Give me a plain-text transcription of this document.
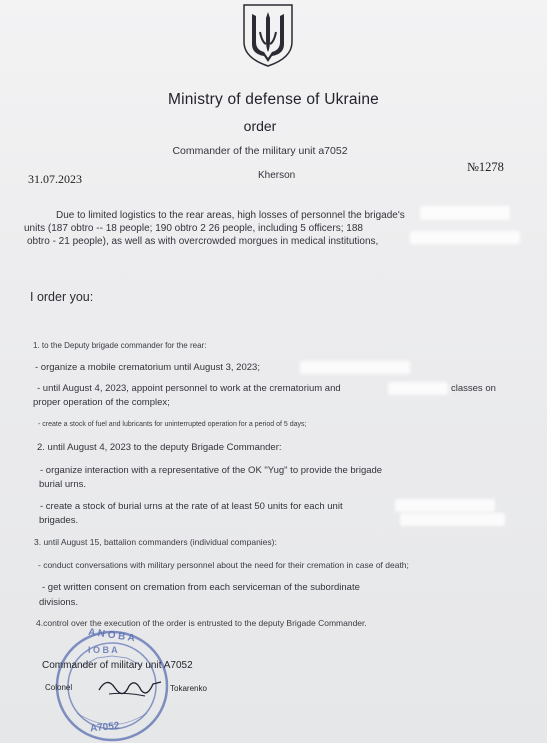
Ministry of defense of Ukraine
order
Commander of the military unit a7052
31.07.2023	Kherson
№1278
Due to limited logistics to the rear areas, high losses of personnel the brigade's
units (187 obtro -- 18 people; 190 obtro 2 26 people, including 5 officers; 188
obtro - 21 people), as well as with overcrowded morgues in medical institutions,
I order you:
1. to the Deputy brigade commander for the rear:
- organize a mobile crematorium until August 3, 2023;
- until August 4, 2023, appoint personnel to work at the crematorium and	classes on
proper operation of the complex;
- create a stock of fuel and lubricants for uninterrupted operation for a period of 5 days;
2. until August 4, 2023 to the deputy Brigade Commander:
- organize interaction with a representative of the OK "Yug" to provide the brigade
burial urns.
- create a stock of burial urns at the rate of at least 50 units for each unit
brigades.
3. until August 15, battalion commanders (individual companies):
- conduct conversations with military personnel about the need for their cremation in case of death;
- get written consent on cremation from each serviceman of the subordinate
divisions.
4.control over the execution of the order is entrusted to the deputy Brigade Commander.
A N O B A
I O B A
A7052
Commander of military unit A7052
Colonel	Tokarenko
